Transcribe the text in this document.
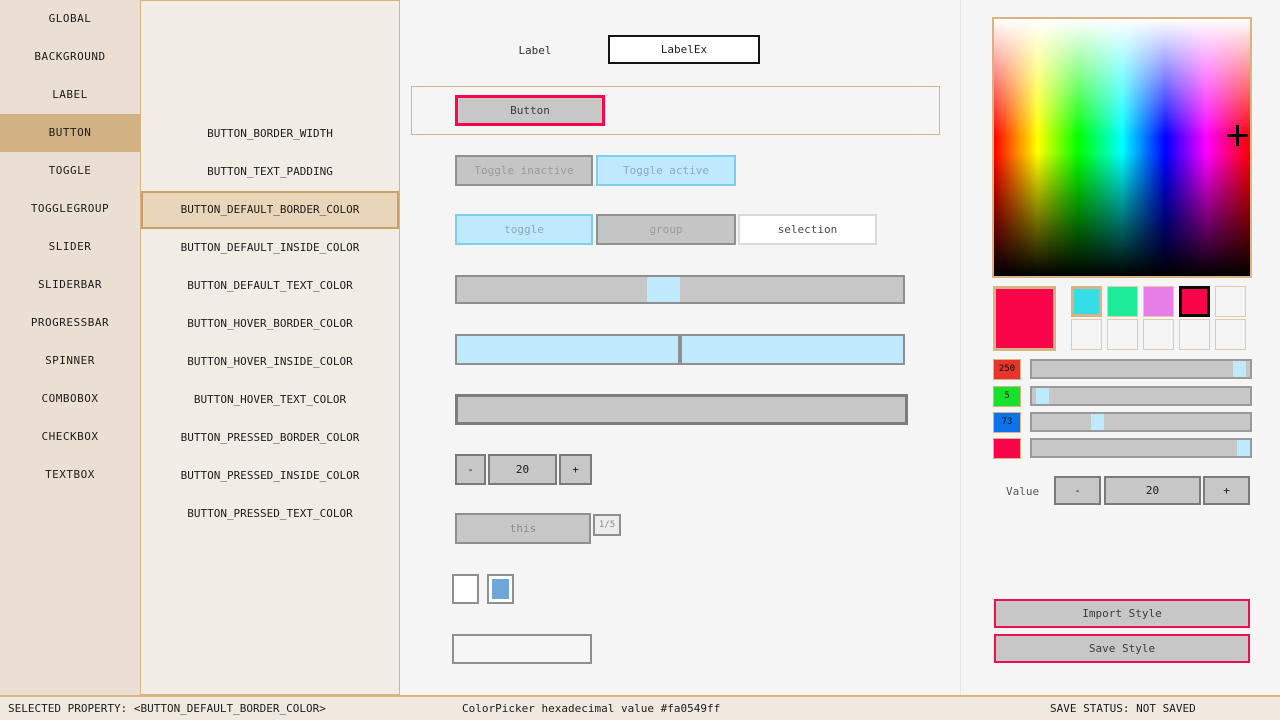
GLOBAL
BACKGROUND
LABEL
BUTTON
TOGGLE
TOGGLEGROUP
SLIDER
SLIDERBAR
PROGRESSBAR
SPINNER
COMBOBOX
CHECKBOX
TEXTBOX
BUTTON_BORDER_WIDTH
BUTTON_TEXT_PADDING
BUTTON_DEFAULT_BORDER_COLOR
BUTTON_DEFAULT_INSIDE_COLOR
BUTTON_DEFAULT_TEXT_COLOR
BUTTON_HOVER_BORDER_COLOR
BUTTON_HOVER_INSIDE_COLOR
BUTTON_HOVER_TEXT_COLOR
BUTTON_PRESSED_BORDER_COLOR
BUTTON_PRESSED_INSIDE_COLOR
BUTTON_PRESSED_TEXT_COLOR
Label	LabelEx
Button
Toggle inactive	Toggle active
toggle	group	selection
-	20	+
this	1/5
250
5
73
Value	-	20	+
Import Style
Save Style
SELECTED PROPERTY: <BUTTON_DEFAULT_BORDER_COLOR>	ColorPicker hexadecimal value #fa0549ff	SAVE STATUS: NOT SAVED
